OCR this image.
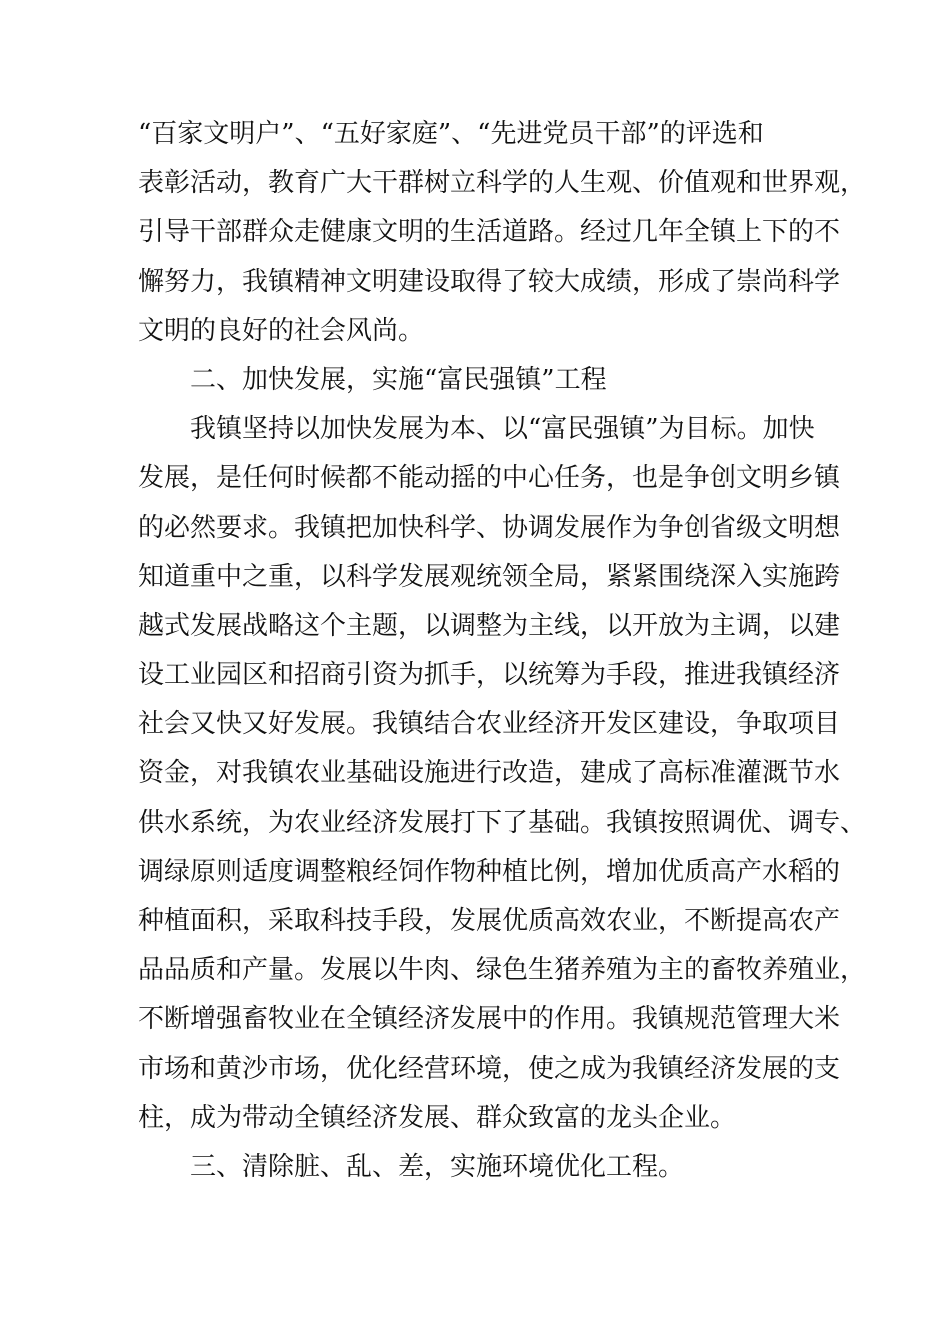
“百家文明户”、“五好家庭”、“先进党员干部”的评选和
表彰活动，教育广大干群树立科学的人生观、价值观和世界观，
引导干部群众走健康文明的生活道路。经过几年全镇上下的不
懈努力，我镇精神文明建设取得了较大成绩，形成了崇尚科学
文明的良好的社会风尚。
二、加快发展，实施“富民强镇”工程
我镇坚持以加快发展为本、以“富民强镇”为目标。加快
发展，是任何时候都不能动摇的中心任务，也是争创文明乡镇
的必然要求。我镇把加快科学、协调发展作为争创省级文明想
知道重中之重，以科学发展观统领全局，紧紧围绕深入实施跨
越式发展战略这个主题，以调整为主线，以开放为主调，以建
设工业园区和招商引资为抓手，以统筹为手段，推进我镇经济
社会又快又好发展。我镇结合农业经济开发区建设，争取项目
资金，对我镇农业基础设施进行改造，建成了高标准灌溉节水
供水系统，为农业经济发展打下了基础。我镇按照调优、调专、
调绿原则适度调整粮经饲作物种植比例，增加优质高产水稻的
种植面积，采取科技手段，发展优质高效农业，不断提高农产
品品质和产量。发展以牛肉、绿色生猪养殖为主的畜牧养殖业，
不断增强畜牧业在全镇经济发展中的作用。我镇规范管理大米
市场和黄沙市场，优化经营环境，使之成为我镇经济发展的支
柱，成为带动全镇经济发展、群众致富的龙头企业。
三、清除脏、乱、差，实施环境优化工程。
